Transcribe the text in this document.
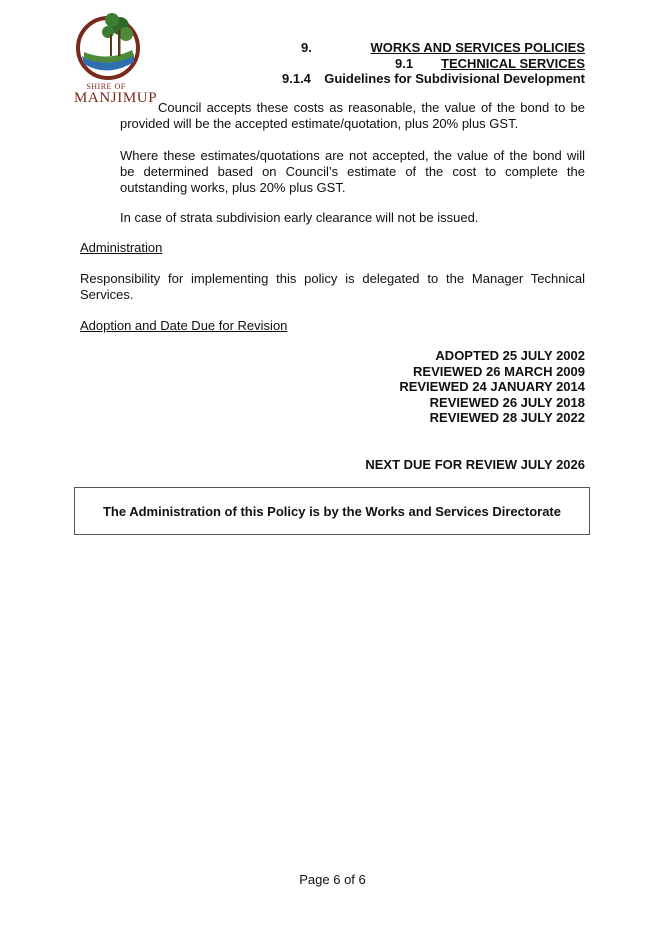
SHIRE OF
MANJIMUP
9.	WORKS AND SERVICES POLICIES
9.1 TECHNICAL SERVICES
9.1.4 Guidelines for Subdivisional Development
Council accepts these costs as reasonable, the value of the bond to be provided will be the accepted estimate/quotation, plus 20% plus GST.
Where these estimates/quotations are not accepted, the value of the bond will be determined based on Council’s estimate of the cost to complete the outstanding works, plus 20% plus GST.
In case of strata subdivision early clearance will not be issued.
Administration
Responsibility for implementing this policy is delegated to the Manager Technical Services.
Adoption and Date Due for Revision
ADOPTED 25 JULY 2002
REVIEWED 26 MARCH 2009
REVIEWED 24 JANUARY 2014
REVIEWED 26 JULY 2018
REVIEWED 28 JULY 2022
NEXT DUE FOR REVIEW JULY 2026
The Administration of this Policy is by the Works and Services Directorate
Page 6 of 6
